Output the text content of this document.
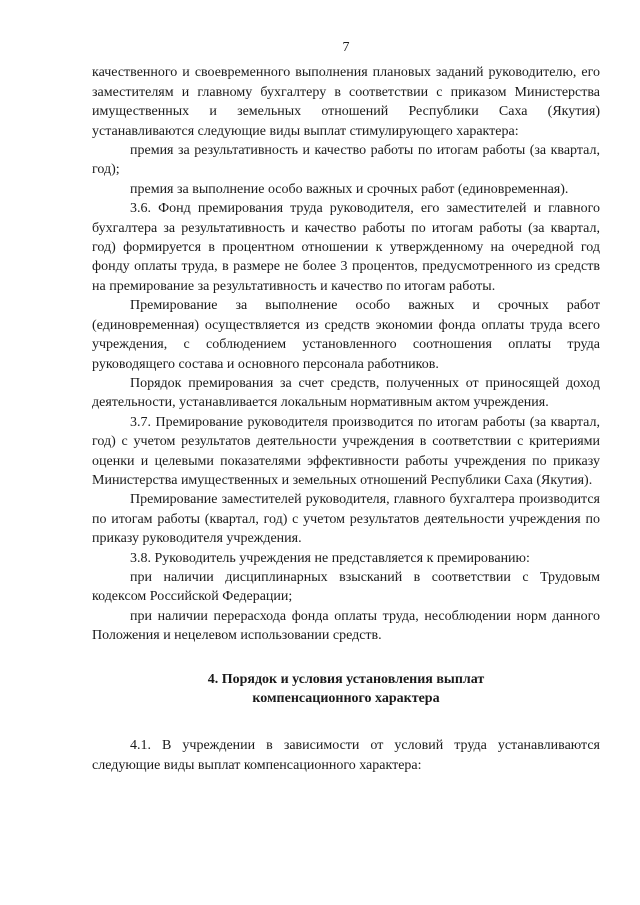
7

качественного и своевременного выполнения плановых заданий руководителю, его заместителям и главному бухгалтеру в соответствии с приказом Министерства имущественных и земельных отношений Республики Саха (Якутия) устанавливаются следующие виды выплат стимулирующего характера:

премия за результативность и качество работы по итогам работы (за квартал, год);

премия за выполнение особо важных и срочных работ (единовременная).

3.6. Фонд премирования труда руководителя, его заместителей и главного бухгалтера за результативность и качество работы по итогам работы (за квартал, год) формируется в процентном отношении к утвержденному на очередной год фонду оплаты труда, в размере не более 3 процентов, предусмотренного из средств на премирование за результативность и качество по итогам работы.

Премирование за выполнение особо важных и срочных работ (единовременная) осуществляется из средств экономии фонда оплаты труда всего учреждения, с соблюдением установленного соотношения оплаты труда руководящего состава и основного персонала работников.

Порядок премирования за счет средств, полученных от приносящей доход деятельности, устанавливается локальным нормативным актом учреждения.

3.7. Премирование руководителя производится по итогам работы (за квартал, год) с учетом результатов деятельности учреждения в соответствии с критериями оценки и целевыми показателями эффективности работы учреждения по приказу Министерства имущественных и земельных отношений Республики Саха (Якутия).

Премирование заместителей руководителя, главного бухгалтера производится по итогам работы (квартал, год) с учетом результатов деятельности учреждения по приказу руководителя учреждения.

3.8. Руководитель учреждения не представляется к премированию:

при наличии дисциплинарных взысканий в соответствии с Трудовым кодексом Российской Федерации;

при наличии перерасхода фонда оплаты труда, несоблюдении норм данного Положения и нецелевом использовании средств.

4. Порядок и условия установления выплат
компенсационного характера

4.1. В учреждении в зависимости от условий труда устанавливаются следующие виды выплат компенсационного характера:
